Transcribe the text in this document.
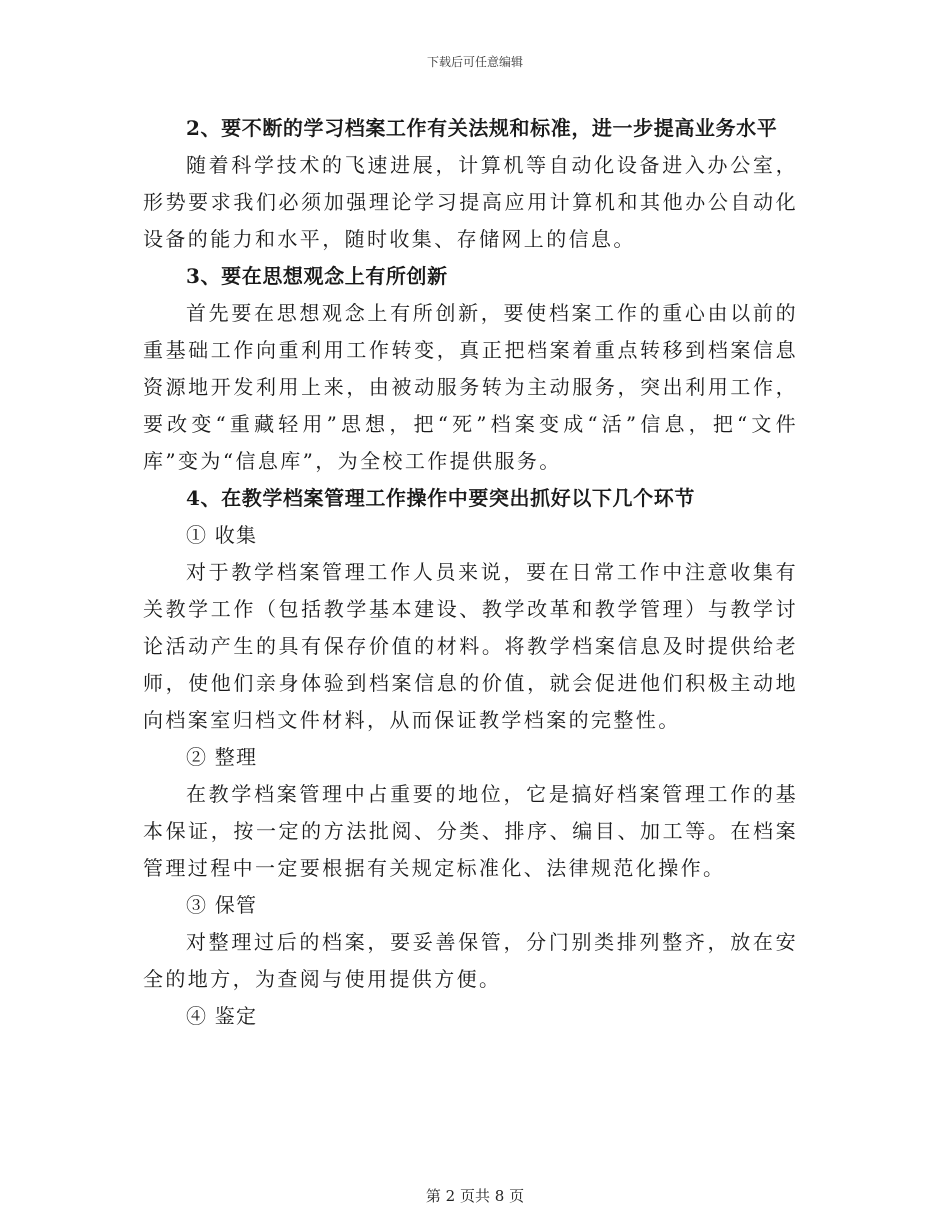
下载后可任意编辑

2、要不断的学习档案工作有关法规和标准，进一步提高业务水平

随着科学技术的飞速进展，计算机等自动化设备进入办公室，形势要求我们必须加强理论学习提高应用计算机和其他办公自动化设备的能力和水平，随时收集、存储网上的信息。

3、要在思想观念上有所创新

首先要在思想观念上有所创新，要使档案工作的重心由以前的重基础工作向重利用工作转变，真正把档案着重点转移到档案信息资源地开发利用上来，由被动服务转为主动服务，突出利用工作，要改变“重藏轻用”思想，把“死”档案变成“活”信息，把“文件库”变为“信息库”，为全校工作提供服务。

4、在教学档案管理工作操作中要突出抓好以下几个环节

① 收集

对于教学档案管理工作人员来说，要在日常工作中注意收集有关教学工作（包括教学基本建设、教学改革和教学管理）与教学讨论活动产生的具有保存价值的材料。将教学档案信息及时提供给老师，使他们亲身体验到档案信息的价值，就会促进他们积极主动地向档案室归档文件材料，从而保证教学档案的完整性。

② 整理

在教学档案管理中占重要的地位，它是搞好档案管理工作的基本保证，按一定的方法批阅、分类、排序、编目、加工等。在档案管理过程中一定要根据有关规定标准化、法律规范化操作。

③ 保管

对整理过后的档案，要妥善保管，分门别类排列整齐，放在安全的地方，为查阅与使用提供方便。

④ 鉴定

第 2 页共 8 页
